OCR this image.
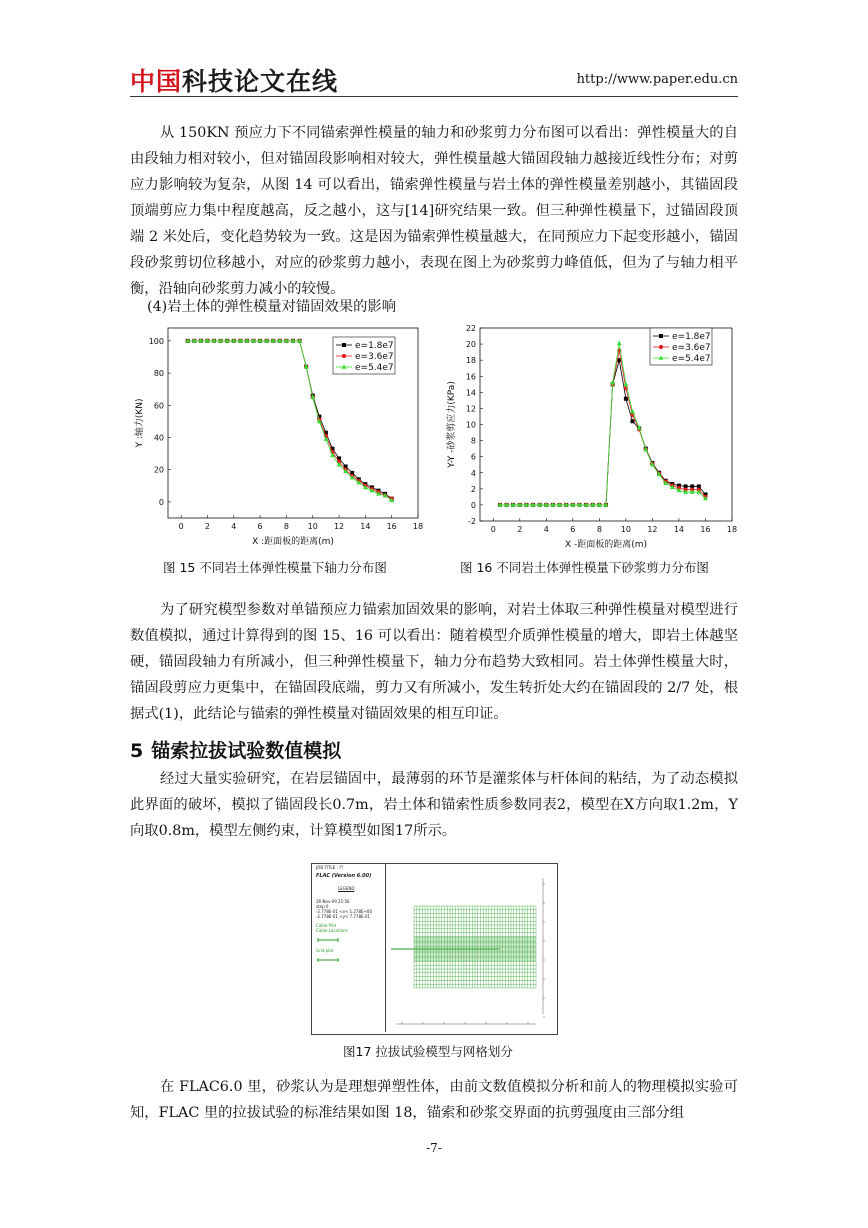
中国科技论文在线	http://www.paper.edu.cn

从 150KN 预应力下不同锚索弹性模量的轴力和砂浆剪力分布图可以看出：弹性模量大的自由段轴力相对较小，但对锚固段影响相对较大，弹性模量越大锚固段轴力越接近线性分布；对剪应力影响较为复杂，从图 14 可以看出，锚索弹性模量与岩土体的弹性模量差别越小，其锚固段顶端剪应力集中程度越高，反之越小，这与[14]研究结果一致。但三种弹性模量下，过锚固段顶端 2 米处后，变化趋势较为一致。这是因为锚索弹性模量越大，在同预应力下起变形越小，锚固段砂浆剪切位移越小，对应的砂浆剪力越小，表现在图上为砂浆剪力峰值低，但为了与轴力相平衡，沿轴向砂浆剪力减小的较慢。

(4)岩土体的弹性模量对锚固效果的影响
0	2	4	6	8 10 12 14 16 18
0
20
40
60
80
100
X :距面板的距离(m)
Y :轴力(KN)
e=1.8e7
e=3.6e7
e=5.4e7
0	2	4	6	8 10 12 14 16 18
-2
0
2
4
6
8
10
12
14
16
18
20
22
X -距面板的距离(m)
Y-Y -砂浆剪应力(KPa)
e=1.8e7
e=3.6e7
e=5.4e7
图 15 不同岩土体弹性模量下轴力分布图	图 16 不同岩土体弹性模量下砂浆剪力分布图

为了研究模型参数对单锚预应力锚索加固效果的影响，对岩土体取三种弹性模量对模型进行数值模拟，通过计算得到的图 15、16 可以看出：随着模型介质弹性模量的增大，即岩土体越坚硬，锚固段轴力有所减小，但三种弹性模量下，轴力分布趋势大致相同。岩土体弹性模量大时，锚固段剪应力更集中，在锚固段底端，剪力又有所减小，发生转折处大约在锚固段的 2/7 处，根据式(1)，此结论与锚索的弹性模量对锚固效果的相互印证。

5 锚索拉拔试验数值模拟

经过大量实验研究，在岩层锚固中，最薄弱的环节是灌浆体与杆体间的粘结，为了动态模拟此界面的破坏，模拟了锚固段长0.7m，岩土体和锚索性质参数同表2，模型在X方向取1.2m，Y向取0.8m，模型左侧约束，计算模型如图17所示。

JOB TITLE : ??
FLAC (Version 6.00)
LEGEND
26-Nov-09 21:56
step 0
-2.778E-01 <x< 1.278E+00
-2.778E-01 <y< 7.778E-01
Cable Plot
Cable Locations
Grid plot
图17 拉拔试验模型与网格划分

在 FLAC6.0 里，砂浆认为是理想弹塑性体，由前文数值模拟分析和前人的物理模拟实验可知，FLAC 里的拉拔试验的标准结果如图 18，锚索和砂浆交界面的抗剪强度由三部分组

-7-
